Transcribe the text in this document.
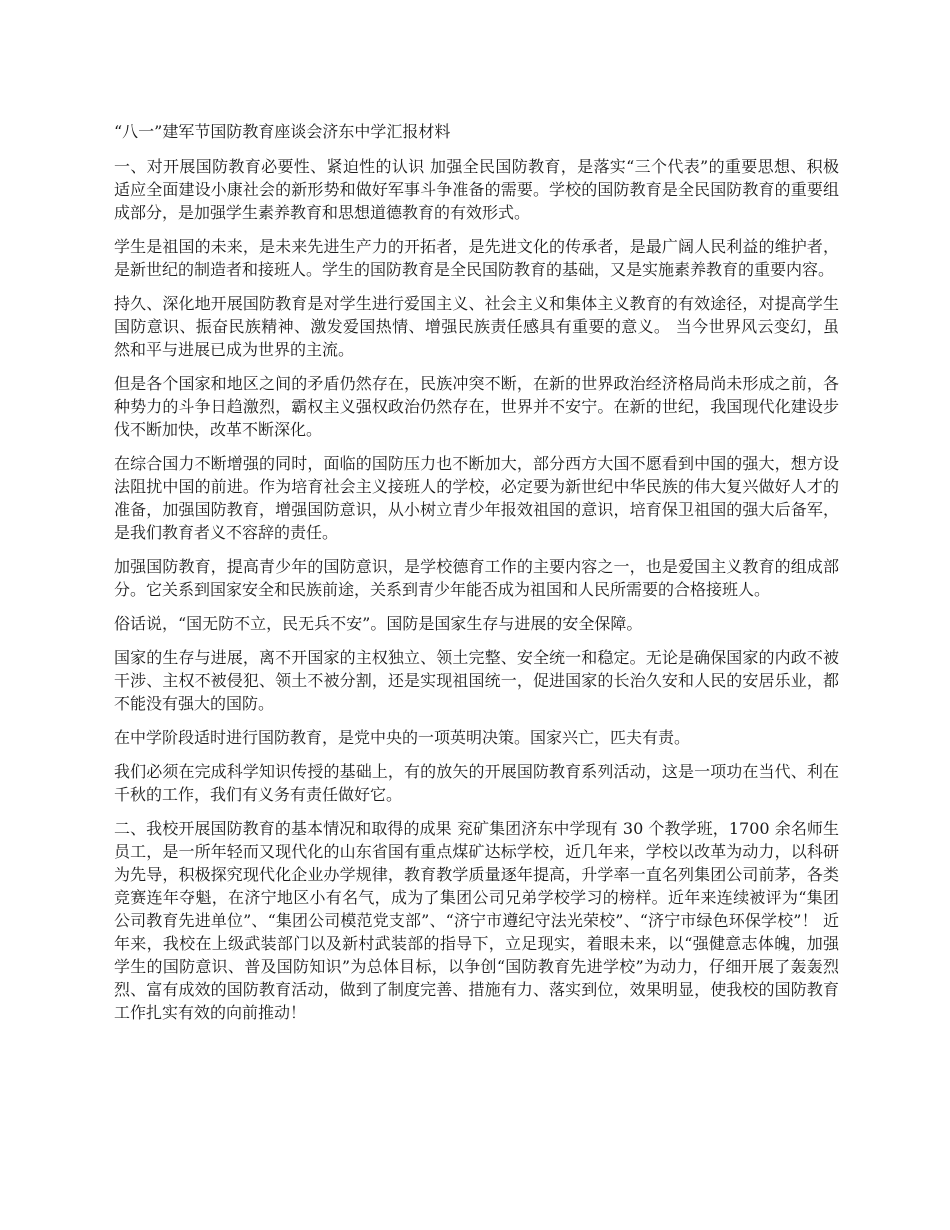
“八一”建军节国防教育座谈会济东中学汇报材料

一、对开展国防教育必要性、紧迫性的认识 加强全民国防教育，是落实“三个代表”的重要思想、积极适应全面建设小康社会的新形势和做好军事斗争准备的需要。学校的国防教育是全民国防教育的重要组成部分，是加强学生素养教育和思想道德教育的有效形式。

学生是祖国的未来，是未来先进生产力的开拓者，是先进文化的传承者，是最广阔人民利益的维护者，是新世纪的制造者和接班人。学生的国防教育是全民国防教育的基础，又是实施素养教育的重要内容。

持久、深化地开展国防教育是对学生进行爱国主义、社会主义和集体主义教育的有效途径，对提高学生国防意识、振奋民族精神、激发爱国热情、增强民族责任感具有重要的意义。 当今世界风云变幻，虽然和平与进展已成为世界的主流。

但是各个国家和地区之间的矛盾仍然存在，民族冲突不断，在新的世界政治经济格局尚未形成之前，各种势力的斗争日趋激烈，霸权主义强权政治仍然存在，世界并不安宁。在新的世纪，我国现代化建设步伐不断加快，改革不断深化。

在综合国力不断增强的同时，面临的国防压力也不断加大，部分西方大国不愿看到中国的强大，想方设法阻扰中国的前进。作为培育社会主义接班人的学校，必定要为新世纪中华民族的伟大复兴做好人才的准备，加强国防教育，增强国防意识，从小树立青少年报效祖国的意识，培育保卫祖国的强大后备军，是我们教育者义不容辞的责任。

加强国防教育，提高青少年的国防意识，是学校德育工作的主要内容之一，也是爱国主义教育的组成部分。它关系到国家安全和民族前途，关系到青少年能否成为祖国和人民所需要的合格接班人。

俗话说，“国无防不立，民无兵不安”。国防是国家生存与进展的安全保障。

国家的生存与进展，离不开国家的主权独立、领土完整、安全统一和稳定。无论是确保国家的内政不被干涉、主权不被侵犯、领土不被分割，还是实现祖国统一，促进国家的长治久安和人民的安居乐业，都不能没有强大的国防。

在中学阶段适时进行国防教育，是党中央的一项英明决策。国家兴亡，匹夫有责。

我们必须在完成科学知识传授的基础上，有的放矢的开展国防教育系列活动，这是一项功在当代、利在千秋的工作，我们有义务有责任做好它。

二、我校开展国防教育的基本情况和取得的成果 兖矿集团济东中学现有 30 个教学班，1700 余名师生员工，是一所年轻而又现代化的山东省国有重点煤矿达标学校，近几年来，学校以改革为动力，以科研为先导，积极探究现代化企业办学规律，教育教学质量逐年提高，升学率一直名列集团公司前茅，各类竞赛连年夺魁，在济宁地区小有名气，成为了集团公司兄弟学校学习的榜样。近年来连续被评为“集团公司教育先进单位”、“集团公司模范党支部”、“济宁市遵纪守法光荣校”、“济宁市绿色环保学校”！ 近年来，我校在上级武装部门以及新村武装部的指导下，立足现实，着眼未来，以“强健意志体魄，加强学生的国防意识、普及国防知识”为总体目标，以争创“国防教育先进学校”为动力，仔细开展了轰轰烈烈、富有成效的国防教育活动，做到了制度完善、措施有力、落实到位，效果明显，使我校的国防教育工作扎实有效的向前推动！
